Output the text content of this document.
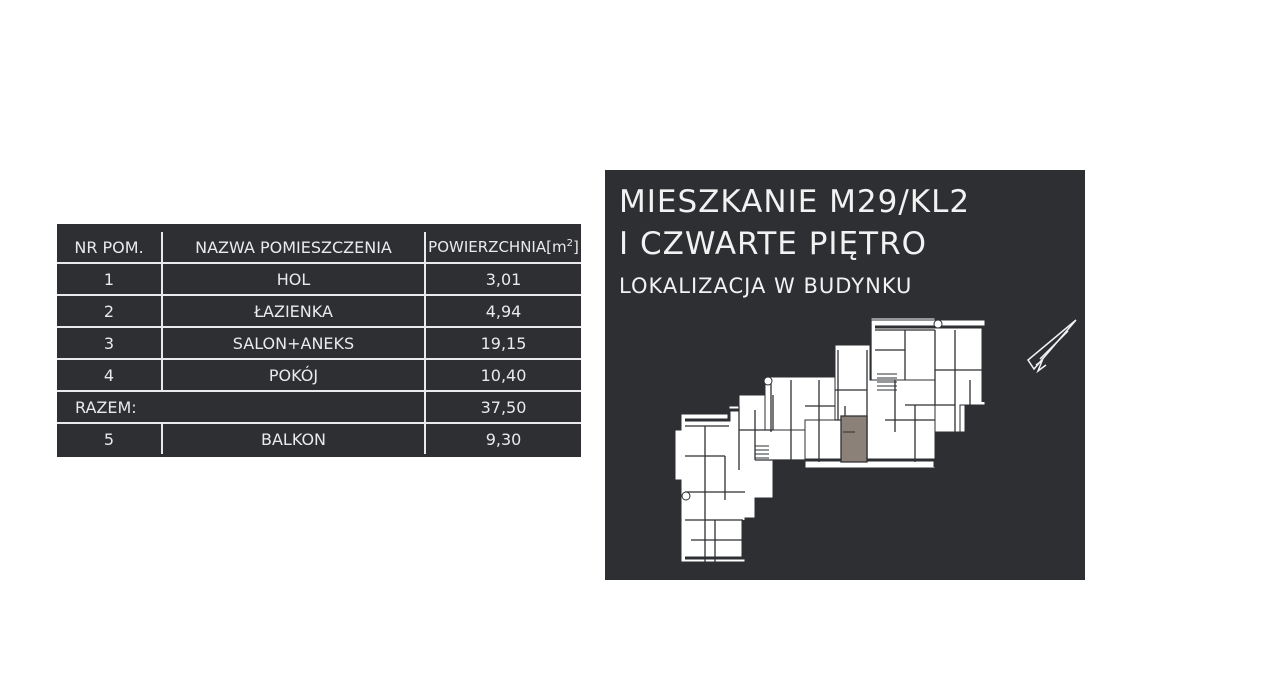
NR POM.	NAZWA POMIESZCZENIA	$POWIERZCHNIA[m^2]$
1	HOL	3,01
2	ŁAZIENKA	4,94
3	SALON+ANEKS	19,15
4	POKÓJ	10,40
RAZEM:		37,50
5	BALKON	9,30
MIESZKANIE M29/KL2
I CZWARTE PIĘTRO
LOKALIZACJA W BUDYNKU
